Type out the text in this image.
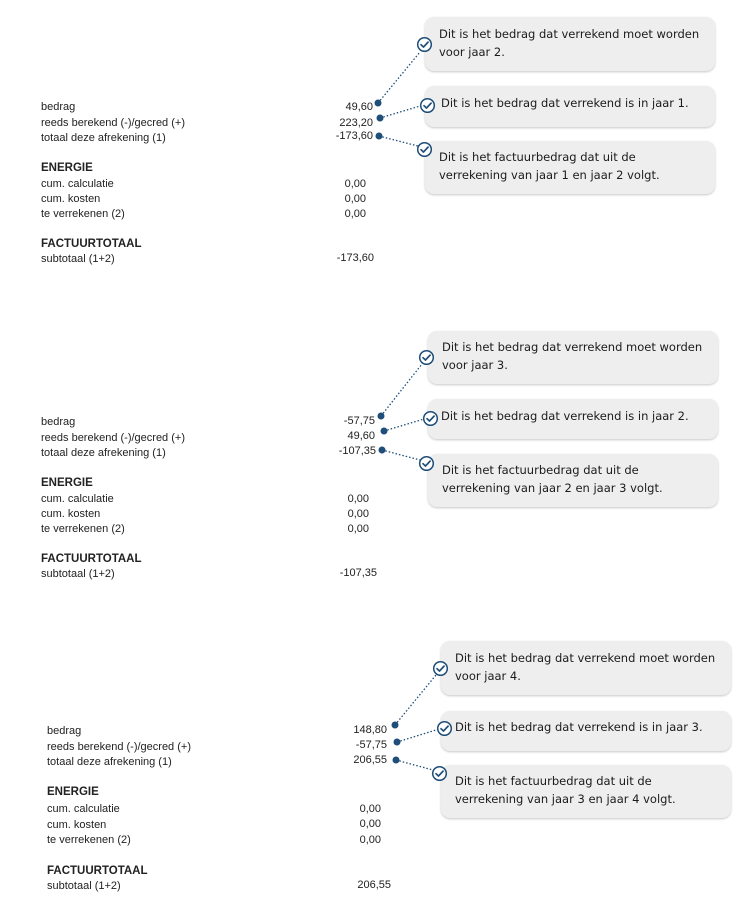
bedrag
reeds berekend (-)/gecred (+)
totaal deze afrekening (1)
ENERGIE
cum. calculatie
cum. kosten
te verrekenen (2)
FACTUURTOTAAL
subtotaal (1+2)
49,60
223,20
-173,60
0,00
0,00
0,00
-173,60
Dit is het bedrag dat verrekend moet worden voor jaar 2.
Dit is het bedrag dat verrekend is in jaar 1.
Dit is het factuurbedrag dat uit de verrekening van jaar 1 en jaar 2 volgt.
bedrag
reeds berekend (-)/gecred (+)
totaal deze afrekening (1)
ENERGIE
cum. calculatie
cum. kosten
te verrekenen (2)
FACTUURTOTAAL
subtotaal (1+2)
-57,75
49,60
-107,35
0,00
0,00
0,00
-107,35
Dit is het bedrag dat verrekend moet worden voor jaar 3.
Dit is het bedrag dat verrekend is in jaar 2.
Dit is het factuurbedrag dat uit de verrekening van jaar 2 en jaar 3 volgt.
bedrag
reeds berekend (-)/gecred (+)
totaal deze afrekening (1)
ENERGIE
cum. calculatie
cum. kosten
te verrekenen (2)
FACTUURTOTAAL
subtotaal (1+2)
148,80
-57,75
206,55
0,00
0,00
0,00
206,55
Dit is het bedrag dat verrekend moet worden voor jaar 4.
Dit is het bedrag dat verrekend is in jaar 3.
Dit is het factuurbedrag dat uit de verrekening van jaar 3 en jaar 4 volgt.
